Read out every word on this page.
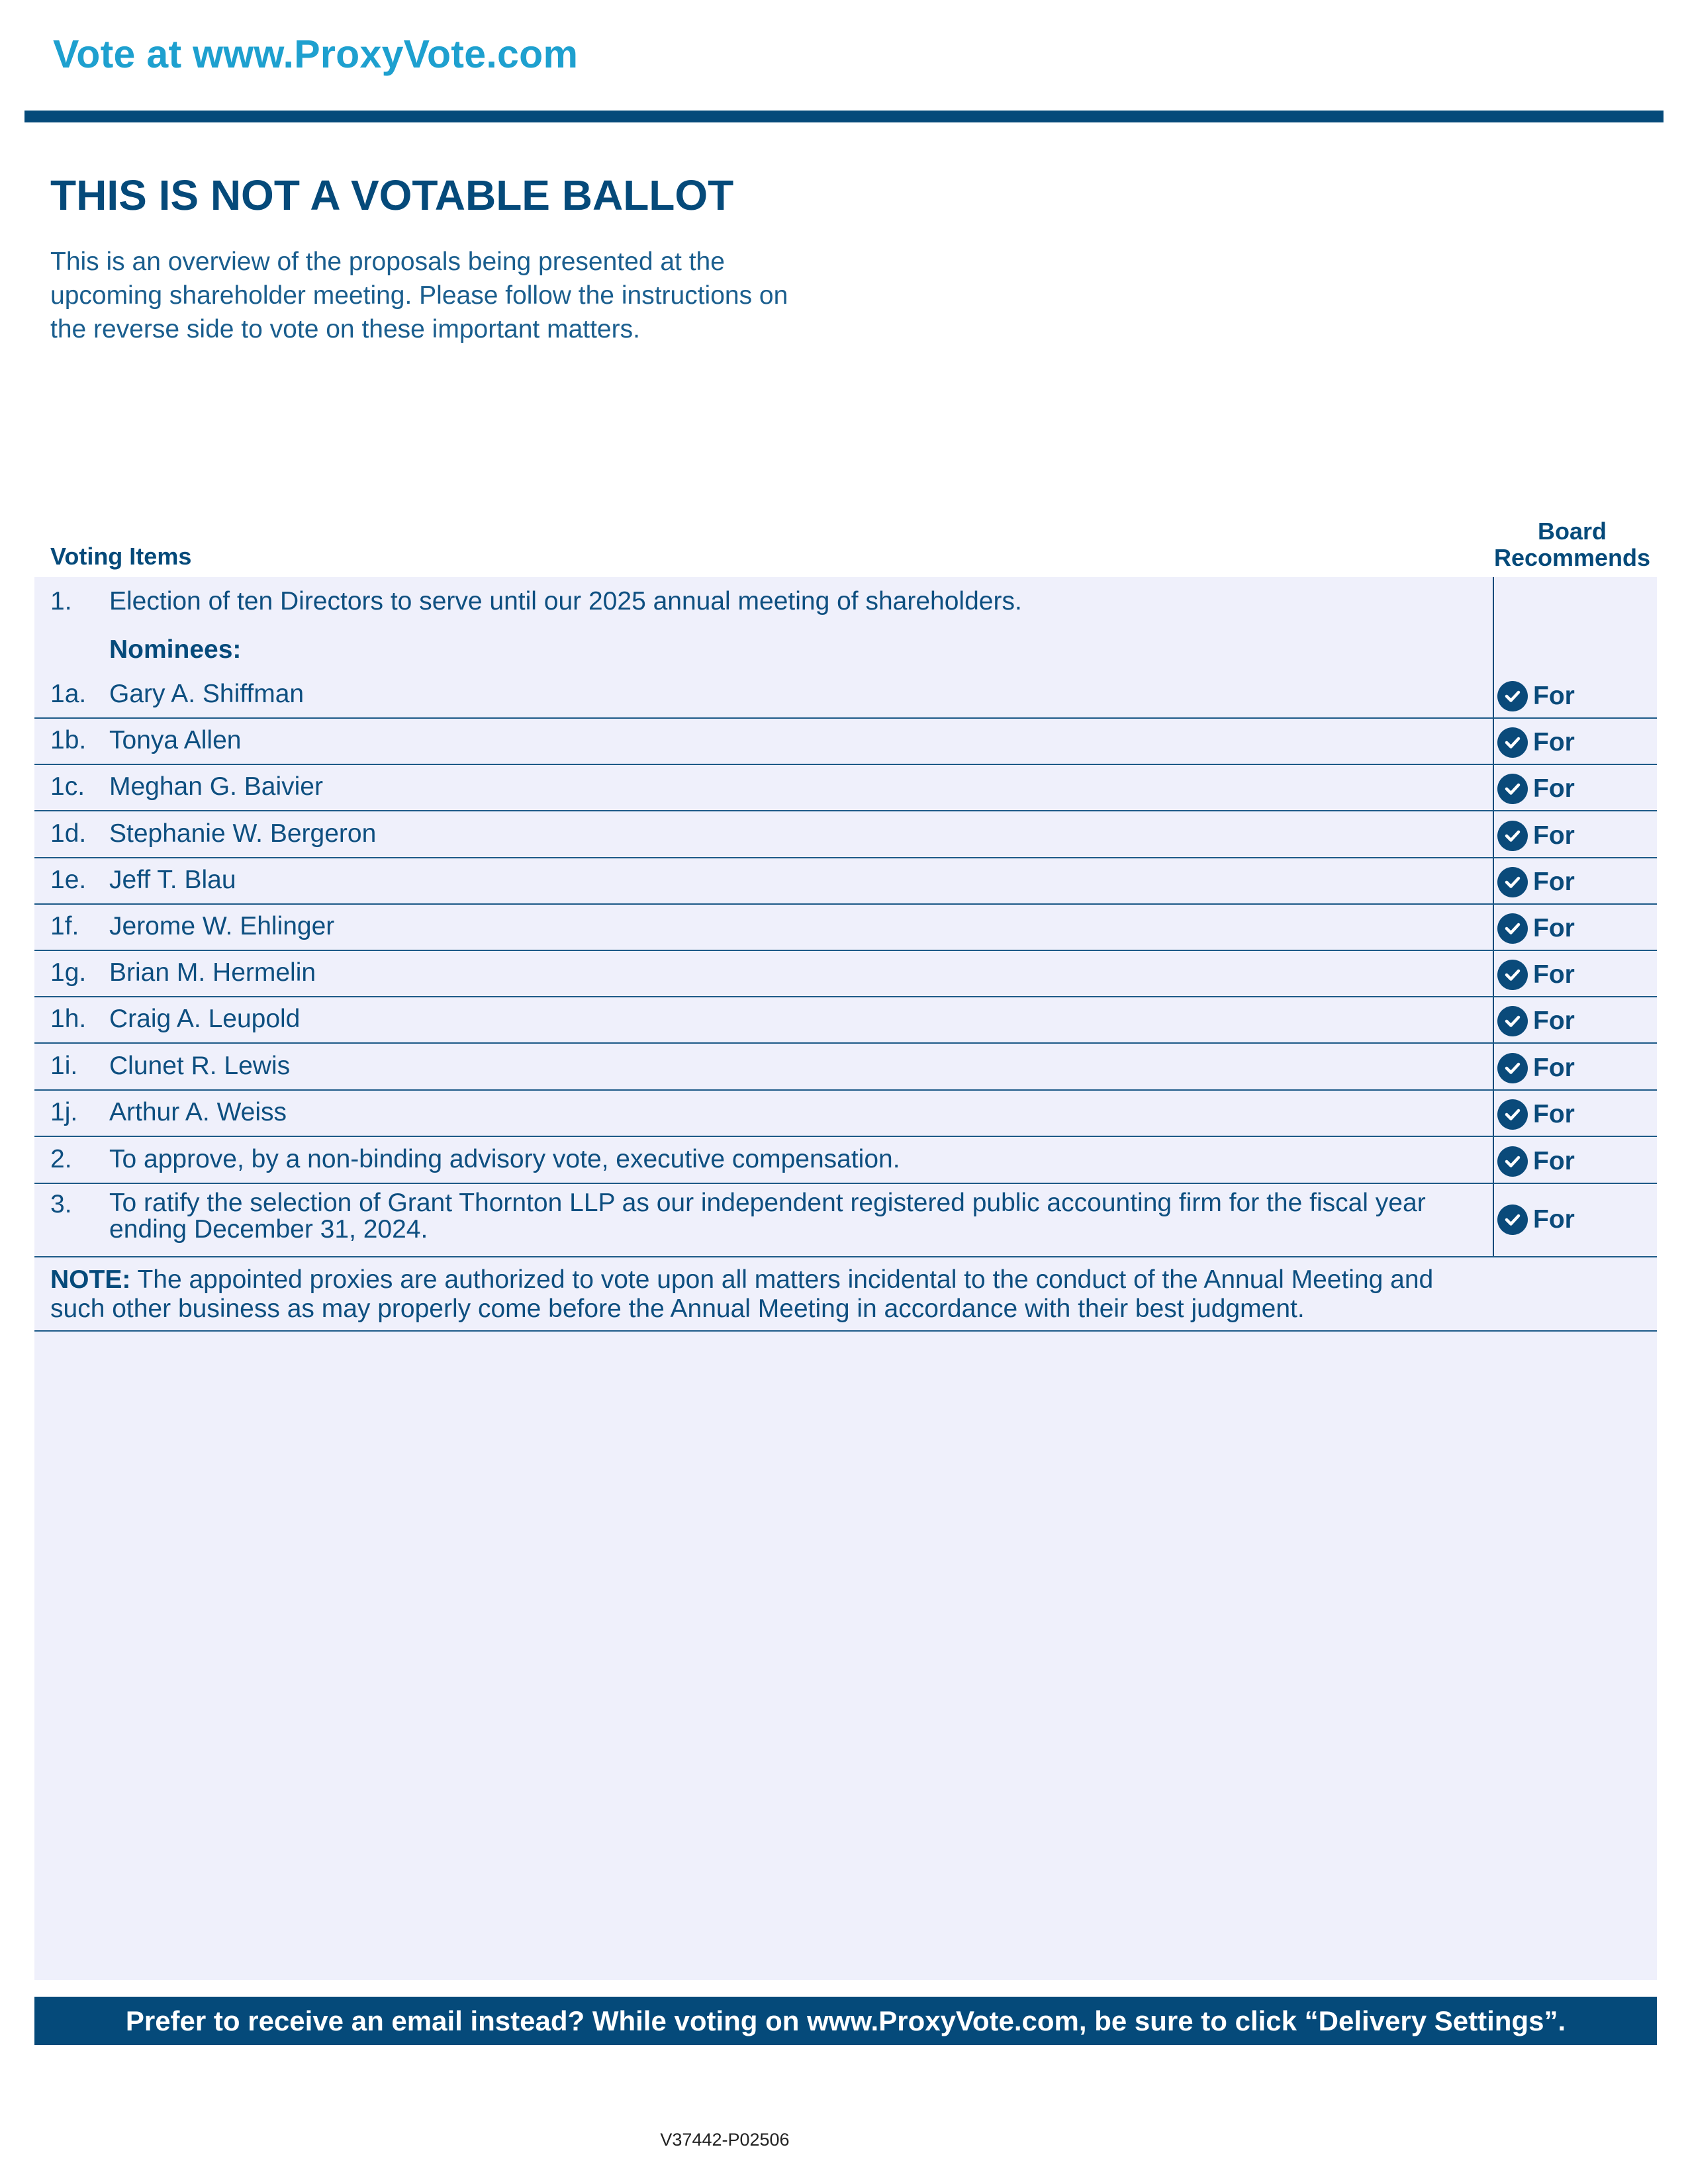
Vote at www.ProxyVote.com
THIS IS NOT A VOTABLE BALLOT
This is an overview of the proposals being presented at the
upcoming shareholder meeting. Please follow the instructions on
the reverse side to vote on these important matters.
Voting Items
Board
Recommends
1. Election of ten Directors to serve until our 2025 annual meeting of shareholders.
Nominees:
1a. Gary A. Shiffman	For
1b. Tonya Allen	For
1c. Meghan G. Baivier	For
1d. Stephanie W. Bergeron	For
1e. Jeff T. Blau	For
1f. Jerome W. Ehlinger	For
1g. Brian M. Hermelin	For
1h. Craig A. Leupold	For
1i. Clunet R. Lewis	For
1j. Arthur A. Weiss	For
2. To approve, by a non-binding advisory vote, executive compensation.	For
3. To ratify the selection of Grant Thornton LLP as our independent registered public accounting firm for the fiscal year
ending December 31, 2024.	For
NOTE: The appointed proxies are authorized to vote upon all matters incidental to the conduct of the Annual Meeting and such other business as may properly come before the Annual Meeting in accordance with their best judgment.
Prefer to receive an email instead? While voting on www.ProxyVote.com, be sure to click “Delivery Settings”.
V37442-P02506
